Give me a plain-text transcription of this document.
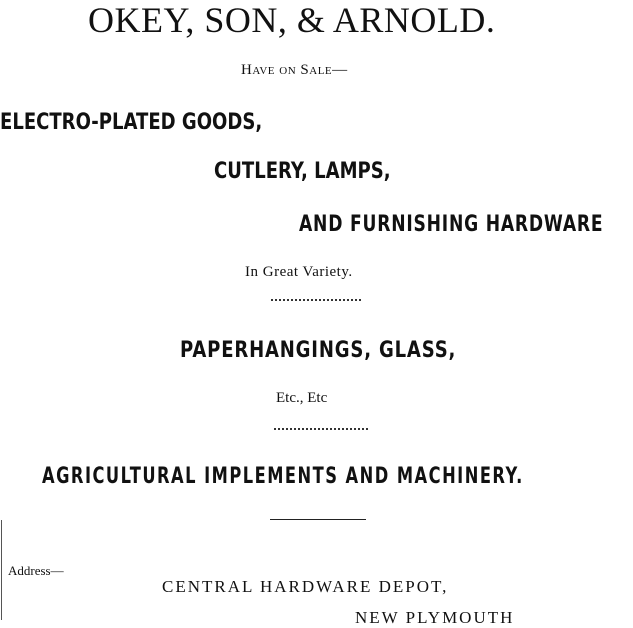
OKEY, SON, & ARNOLD.
Have on Sale—
ELECTRO-PLATED GOODS,
CUTLERY, LAMPS,
AND FURNISHING HARDWARE
In Great Variety.
PAPERHANGINGS, GLASS,
Etc., Etc
AGRICULTURAL IMPLEMENTS AND MACHINERY.
Address—
CENTRAL HARDWARE DEPOT,
NEW PLYMOUTH
